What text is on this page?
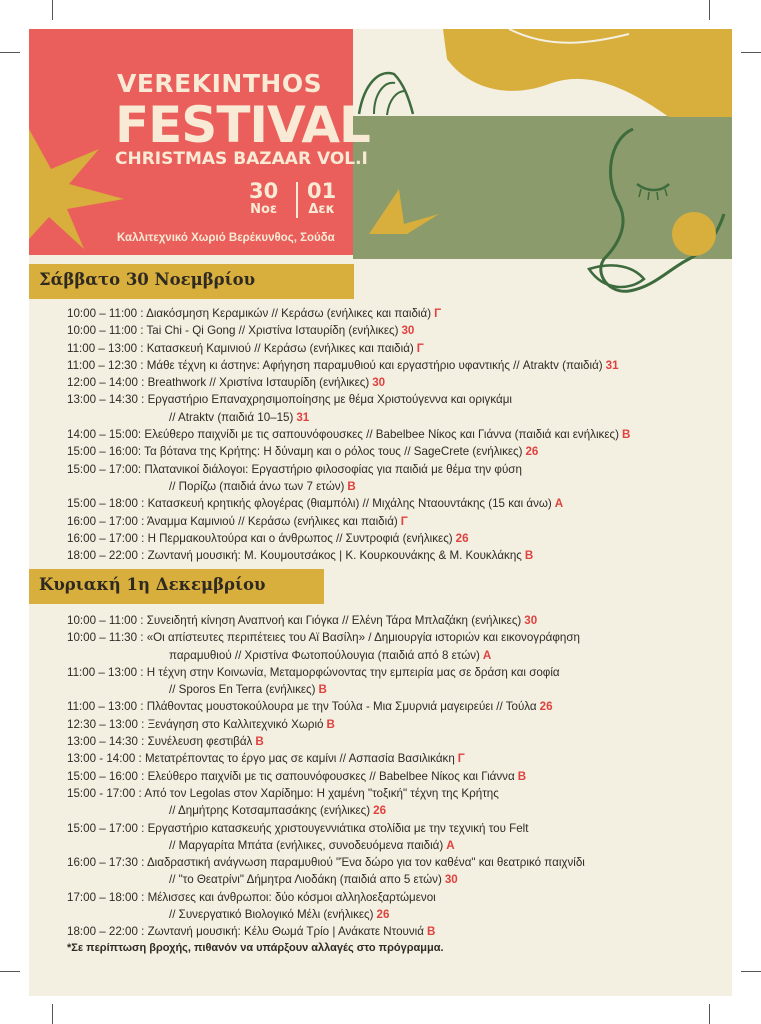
VEREKINTHOS
FESTIVAL
CHRISTMAS BAZAAR VOL.I
30
Νοε
01
Δεκ
Καλλιτεχνικό Χωριό Βερέκυνθος, Σούδα
Σάββατο 30 Νοεμβρίου
10:00 – 11:00 : Διακόσμηση Κεραμικών // Κεράσω (ενήλικες και παιδιά) Γ
10:00 – 11:00 : Tai Chi - Qi Gong // Χριστίνα Ισταυρίδη (ενήλικες) 30
11:00 – 13:00 : Κατασκευή Καμινιού // Κεράσω (ενήλικες και παιδιά) Γ
11:00 – 12:30 : Μάθε τέχνη κι άστηνε: Αφήγηση παραμυθιού και εργαστήριο υφαντικής // Atraktv (παιδιά) 31
12:00 – 14:00 : Breathwork // Χριστίνα Ισταυρίδη (ενήλικες) 30
13:00 – 14:30 : Εργαστήριο Επαναχρησιμοποίησης με θέμα Χριστούγεννα και οριγκάμι
// Atraktv (παιδιά 10–15) 31
14:00 – 15:00: Ελεύθερο παιχνίδι με τις σαπουνόφουσκες // Babelbee Νίκος και Γιάννα (παιδιά και ενήλικες) Β
15:00 – 16:00: Τα βότανα της Κρήτης: Η δύναμη και ο ρόλος τους // SageCrete (ενήλικες) 26
15:00 – 17:00: Πλατανικοί διάλογοι: Εργαστήριο φιλοσοφίας για παιδιά με θέμα την φύση
// Πορίζω (παιδιά άνω των 7 ετών) Β
15:00 – 18:00 : Κατασκευή κρητικής φλογέρας (θιαμπόλι) // Μιχάλης Νταουντάκης (15 και άνω) Α
16:00 – 17:00 : Άναμμα Καμινιού // Κεράσω (ενήλικες και παιδιά) Γ
16:00 – 17:00 : Η Περμακουλτούρα και ο άνθρωπος // Συντροφιά (ενήλικες) 26
18:00 – 22:00 : Ζωντανή μουσική: Μ. Κουμουτσάκος | Κ. Κουρκουνάκης & Μ. Κουκλάκης Β
Κυριακή 1η Δεκεμβρίου
10:00 – 11:00 : Συνειδητή κίνηση Αναπνοή και Γιόγκα // Ελένη Τάρα Μπλαζάκη (ενήλικες) 30
10:00 – 11:30 : «Οι απίστευτες περιπέτειες του Αϊ Βασίλη» / Δημιουργία ιστοριών και εικονογράφηση
παραμυθιού // Χριστίνα Φωτοπούλουγια (παιδιά από 8 ετών) Α
11:00 – 13:00 : Η τέχνη στην Κοινωνία, Μεταμορφώνοντας την εμπειρία μας σε δράση και σοφία
// Sporos En Terra (ενήλικες) Β
11:00 – 13:00 : Πλάθοντας μουστοκούλουρα με την Τούλα - Μια Σμυρνιά μαγειρεύει // Τούλα 26
12:30 – 13:00 : Ξενάγηση στο Καλλιτεχνικό Χωριό Β
13:00 – 14:30 : Συνέλευση φεστιβάλ Β
13:00 - 14:00 : Μετατρέποντας το έργο μας σε καμίνι // Ασπασία Βασιλικάκη Γ
15:00 – 16:00 : Ελεύθερο παιχνίδι με τις σαπουνόφουσκες // Babelbee Νίκος και Γιάννα Β
15:00 - 17:00 : Από τον Legolas στον Χαρίδημο: Η χαμένη "τοξική" τέχνη της Κρήτης
// Δημήτρης Κοτσαμπασάκης (ενήλικες) 26
15:00 – 17:00 : Εργαστήριο κατασκευής χριστουγεννιάτικα στολίδια με την τεχνική του Felt
// Μαργαρίτα Μπάτα (ενήλικες, συνοδευόμενα παιδιά) Α
16:00 – 17:30 : Διαδραστική ανάγνωση παραμυθιού "Ένα δώρο για τον καθένα" και θεατρικό παιχνίδι
// "το Θεατρίνι" Δήμητρα Λιοδάκη (παιδιά απο 5 ετών) 30
17:00 – 18:00 : Μέλισσες και άνθρωποι: δύο κόσμοι αλληλοεξαρτώμενοι
// Συνεργατικό Βιολογικό Μέλι (ενήλικες) 26
18:00 – 22:00 : Ζωντανή μουσική: Κέλυ Θωμά Τρίο | Ανάκατε Ντουνιά Β
*Σε περίπτωση βροχής, πιθανόν να υπάρξουν αλλαγές στο πρόγραμμα.
